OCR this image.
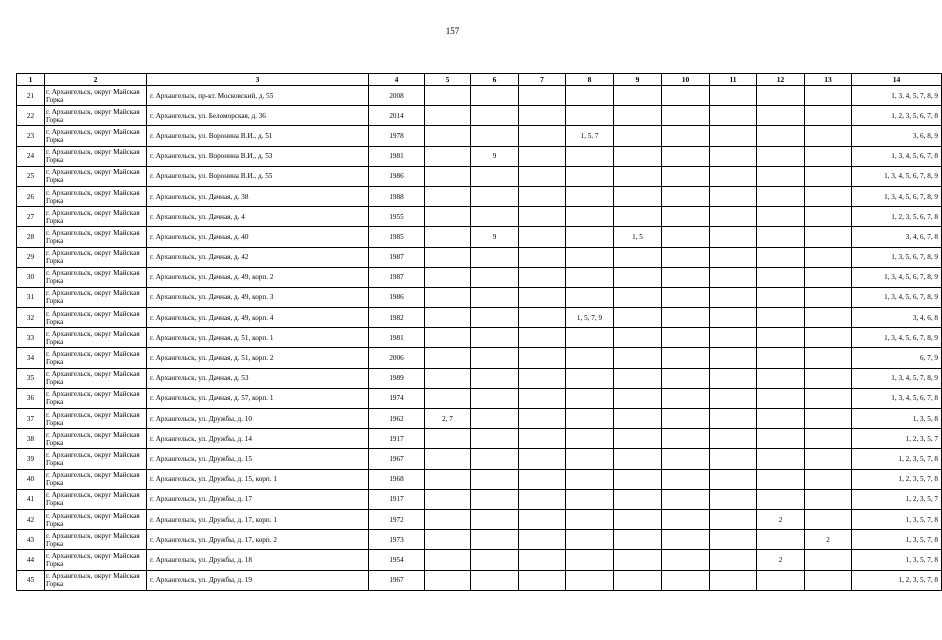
157
1	2	3	4	5	6	7	8	9	10	11	12	13	14
21	г. Архангельск, округ Майская Горка	г. Архангельск, пр-кт. Московский, д. 55	2008										1, 3, 4, 5, 7, 8, 9
22	г. Архангельск, округ Майская Горка	г. Архангельск, ул. Беломорская, д. 36	2014										1, 2, 3, 5, 6, 7, 8
23	г. Архангельск, округ Майская Горка	г. Архангельск, ул. Воронина В.И., д. 51	1978				1, 5, 7						3, 6, 8, 9
24	г. Архангельск, округ Майская Горка	г. Архангельск, ул. Воронина В.И., д. 53	1981		9								1, 3, 4, 5, 6, 7, 8
25	г. Архангельск, округ Майская Горка	г. Архангельск, ул. Воронина В.И., д. 55	1986										1, 3, 4, 5, 6, 7, 8, 9
26	г. Архангельск, округ Майская Горка	г. Архангельск, ул. Дачная, д. 38	1988										1, 3, 4, 5, 6, 7, 8, 9
27	г. Архангельск, округ Майская Горка	г. Архангельск, ул. Дачная, д. 4	1955										1, 2, 3, 5, 6, 7, 8
28	г. Архангельск, округ Майская Горка	г. Архангельск, ул. Дачная, д. 40	1985		9			1, 5					3, 4, 6, 7, 8
29	г. Архангельск, округ Майская Горка	г. Архангельск, ул. Дачная, д. 42	1987										1, 3, 5, 6, 7, 8, 9
30	г. Архангельск, округ Майская Горка	г. Архангельск, ул. Дачная, д. 49, корп. 2	1987										1, 3, 4, 5, 6, 7, 8, 9
31	г. Архангельск, округ Майская Горка	г. Архангельск, ул. Дачная, д. 49, корп. 3	1986										1, 3, 4, 5, 6, 7, 8, 9
32	г. Архангельск, округ Майская Горка	г. Архангельск, ул. Дачная, д. 49, корп. 4	1982				1, 5, 7, 9						3, 4, 6, 8
33	г. Архангельск, округ Майская Горка	г. Архангельск, ул. Дачная, д. 51, корп. 1	1981										1, 3, 4, 5, 6, 7, 8, 9
34	г. Архангельск, округ Майская Горка	г. Архангельск, ул. Дачная, д. 51, корп. 2	2006										6, 7, 9
35	г. Архангельск, округ Майская Горка	г. Архангельск, ул. Дачная, д. 53	1989										1, 3, 4, 5, 7, 8, 9
36	г. Архангельск, округ Майская Горка	г. Архангельск, ул. Дачная, д. 57, корп. 1	1974										1, 3, 4, 5, 6, 7, 8
37	г. Архангельск, округ Майская Горка	г. Архангельск, ул. Дружбы, д. 10	1962	2, 7									1, 3, 5, 8
38	г. Архангельск, округ Майская Горка	г. Архангельск, ул. Дружбы, д. 14	1917										1, 2, 3, 5, 7
39	г. Архангельск, округ Майская Горка	г. Архангельск, ул. Дружбы, д. 15	1967										1, 2, 3, 5, 7, 8
40	г. Архангельск, округ Майская Горка	г. Архангельск, ул. Дружбы, д. 15, корп. 1	1968										1, 2, 3, 5, 7, 8
41	г. Архангельск, округ Майская Горка	г. Архангельск, ул. Дружбы, д. 17	1917										1, 2, 3, 5, 7
42	г. Архангельск, округ Майская Горка	г. Архангельск, ул. Дружбы, д. 17, корп. 1	1972								2		1, 3, 5, 7, 8
43	г. Архангельск, округ Майская Горка	г. Архангельск, ул. Дружбы, д. 17, корп. 2	1973									2	1, 3, 5, 7, 8
44	г. Архангельск, округ Майская Горка	г. Архангельск, ул. Дружбы, д. 18	1954								2		1, 3, 5, 7, 8
45	г. Архангельск, округ Майская Горка	г. Архангельск, ул. Дружбы, д. 19	1967										1, 2, 3, 5, 7, 8
